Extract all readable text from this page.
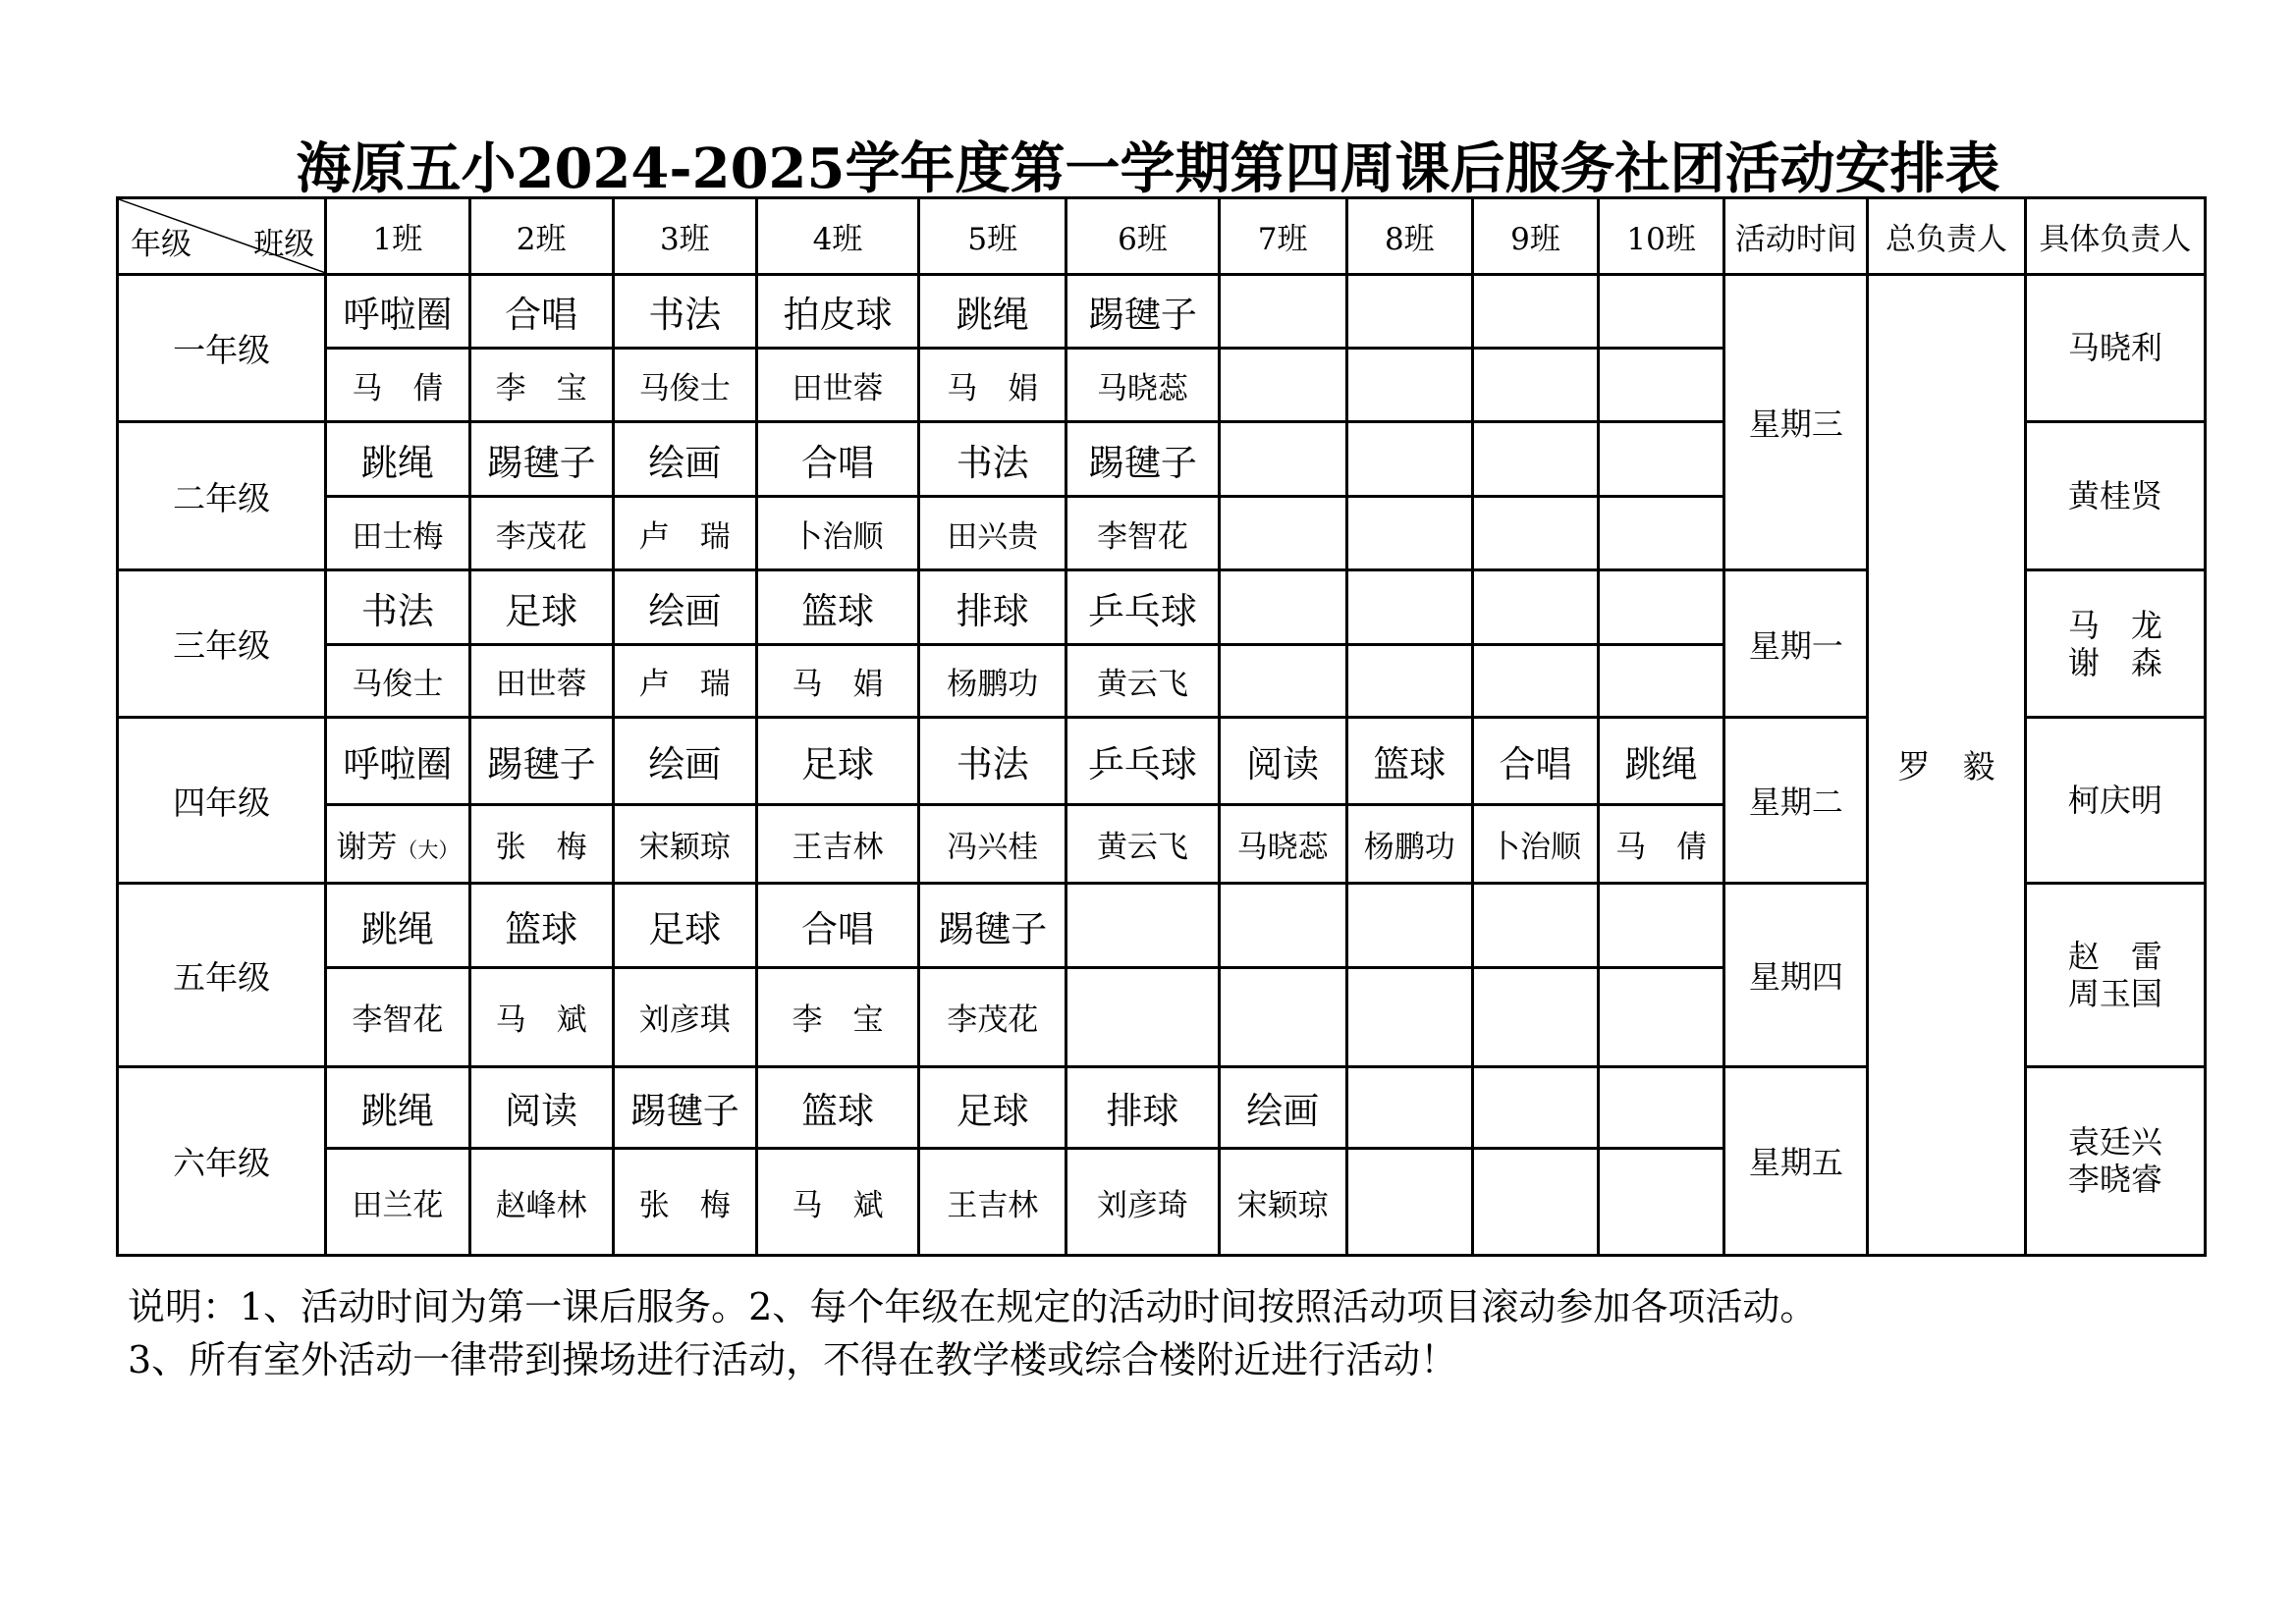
海原五小2024-2025学年度第一学期第四周课后服务社团活动安排表
年级 班级	1班	2班	3班	4班	5班	6班	7班	8班	9班	10班	活动时间	总负责人	具体负责人
一年级	呼啦圈	合唱	书法	拍皮球	跳绳	踢毽子					星期三	罗　毅	马晓利

	马　倩	李　宝	马俊士	田世蓉	马　娟	马晓蕊							
二年级	跳绳	踢毽子	绘画	合唱	书法	踢毽子							黄桂贤

	田士梅	李茂花	卢　瑞	卜治顺	田兴贵	李智花							
三年级	书法	足球	绘画	篮球	排球	乒乓球					星期一		马　龙
谢　森

	马俊士	田世蓉	卢　瑞	马　娟	杨鹏功	黄云飞							
四年级	呼啦圈	踢毽子	绘画	足球	书法	乒乓球	阅读	篮球	合唱	跳绳	星期二		柯庆明

	谢芳（大）	张　梅	宋颖琼	王吉林	冯兴桂	黄云飞	马晓蕊	杨鹏功	卜治顺	马　倩			
五年级	跳绳	篮球	足球	合唱	踢毽子						星期四		赵　雷
周玉国

	李智花	马　斌	刘彦琪	李　宝	李茂花								
六年级	跳绳	阅读	踢毽子	篮球	足球	排球	绘画				星期五		袁廷兴
李晓睿

	田兰花	赵峰林	张　梅	马　斌	王吉林	刘彦琦	宋颖琼						
说明：1、活动时间为第一课后服务。2、每个年级在规定的活动时间按照活动项目滚动参加各项活动。
3、所有室外活动一律带到操场进行活动，不得在教学楼或综合楼附近进行活动！
